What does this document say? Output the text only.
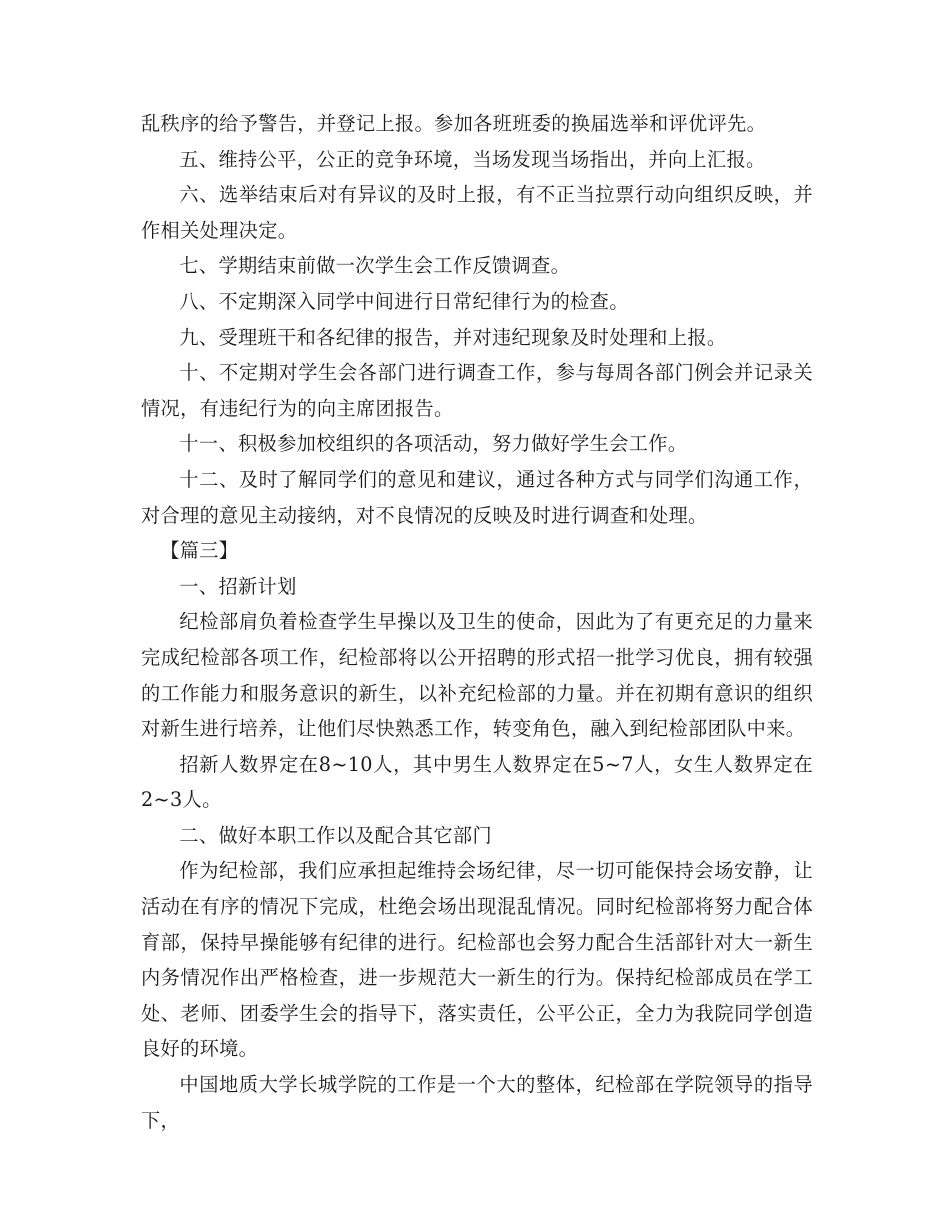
乱秩序的给予警告，并登记上报。参加各班班委的换届选举和评优评先。

五、维持公平，公正的竞争环境，当场发现当场指出，并向上汇报。

六、选举结束后对有异议的及时上报，有不正当拉票行动向组织反映，并作相关处理决定。

七、学期结束前做一次学生会工作反馈调查。

八、不定期深入同学中间进行日常纪律行为的检查。

九、受理班干和各纪律的报告，并对违纪现象及时处理和上报。

十、不定期对学生会各部门进行调查工作，参与每周各部门例会并记录关情况，有违纪行为的向主席团报告。

十一、积极参加校组织的各项活动，努力做好学生会工作。

十二、及时了解同学们的意见和建议，通过各种方式与同学们沟通工作，对合理的意见主动接纳，对不良情况的反映及时进行调查和处理。

【篇三】

一、招新计划

纪检部肩负着检查学生早操以及卫生的使命，因此为了有更充足的力量来完成纪检部各项工作，纪检部将以公开招聘的形式招一批学习优良，拥有较强的工作能力和服务意识的新生，以补充纪检部的力量。并在初期有意识的组织对新生进行培养，让他们尽快熟悉工作，转变角色，融入到纪检部团队中来。

招新人数界定在8~10人，其中男生人数界定在5~7人，女生人数界定在2~3人。

二、做好本职工作以及配合其它部门

作为纪检部，我们应承担起维持会场纪律，尽一切可能保持会场安静，让活动在有序的情况下完成，杜绝会场出现混乱情况。同时纪检部将努力配合体育部，保持早操能够有纪律的进行。纪检部也会努力配合生活部针对大一新生内务情况作出严格检查，进一步规范大一新生的行为。保持纪检部成员在学工处、老师、团委学生会的指导下，落实责任，公平公正，全力为我院同学创造良好的环境。

中国地质大学长城学院的工作是一个大的整体，纪检部在学院领导的指导下，
